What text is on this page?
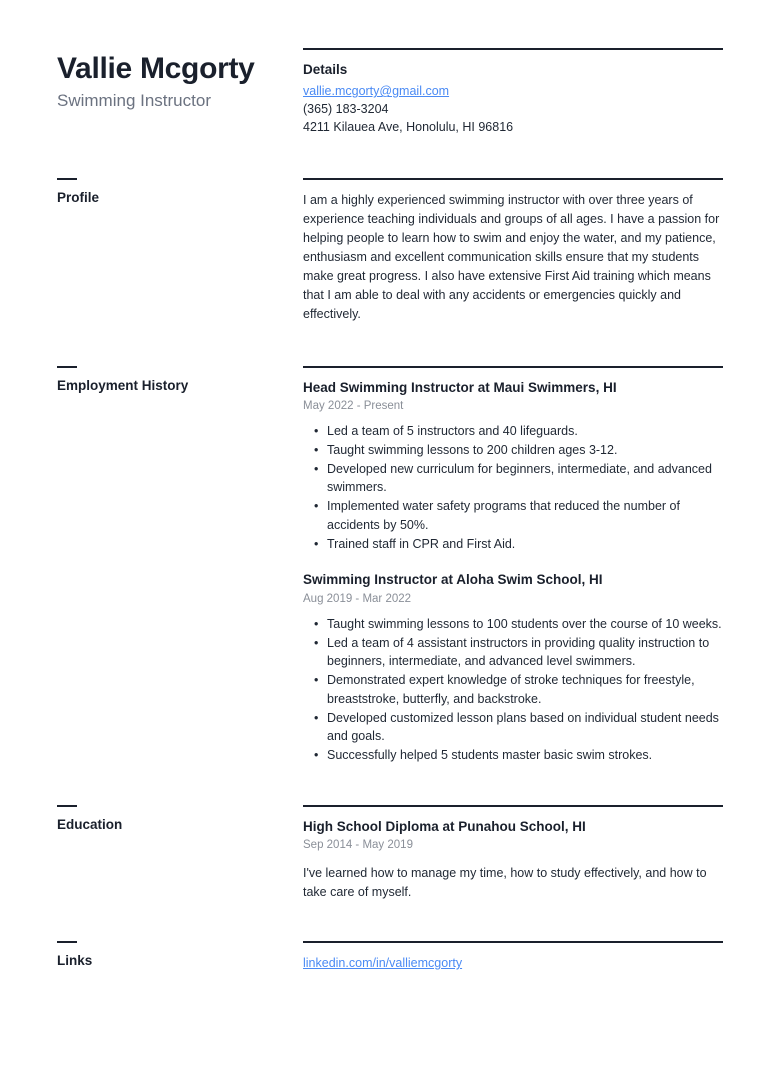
Vallie Mcgorty
Swimming Instructor
Details
vallie.mcgorty@gmail.com
(365) 183-3204
4211 Kilauea Ave, Honolulu, HI 96816
Profile	I am a highly experienced swimming instructor with over three years of experience teaching individuals and groups of all ages. I have a passion for helping people to learn how to swim and enjoy the water, and my patience, enthusiasm and excellent communication skills ensure that my students make great progress. I also have extensive First Aid training which means that I am able to deal with any accidents or emergencies quickly and effectively.

Employment History	Head Swimming Instructor at Maui Swimmers, HI
May 2022 - Present
• Led a team of 5 instructors and 40 lifeguards.
• Taught swimming lessons to 200 children ages 3-12.
• Developed new curriculum for beginners, intermediate, and advanced swimmers.
• Implemented water safety programs that reduced the number of accidents by 50%.
• Trained staff in CPR and First Aid.
Swimming Instructor at Aloha Swim School, HI
Aug 2019 - Mar 2022
• Taught swimming lessons to 100 students over the course of 10 weeks.
• Led a team of 4 assistant instructors in providing quality instruction to beginners, intermediate, and advanced level swimmers.
• Demonstrated expert knowledge of stroke techniques for freestyle, breaststroke, butterfly, and backstroke.
• Developed customized lesson plans based on individual student needs and goals.
• Successfully helped 5 students master basic swim strokes.
Education	High School Diploma at Punahou School, HI
Sep 2014 - May 2019

I've learned how to manage my time, how to study effectively, and how to take care of myself.

Links	linkedin.com/in/valliemcgorty
